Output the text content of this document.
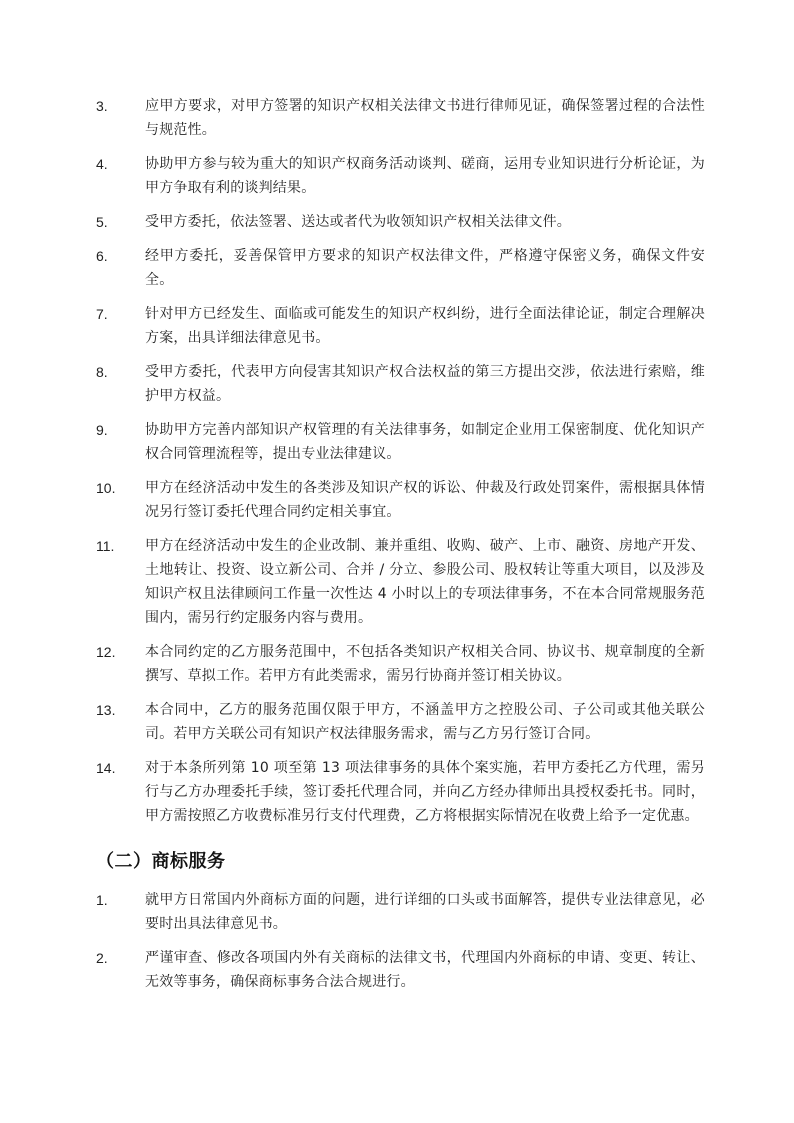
3.	应甲方要求，对甲方签署的知识产权相关法律文书进行律师见证，确保签署过程的合法性与规范性。
4.	协助甲方参与较为重大的知识产权商务活动谈判、磋商，运用专业知识进行分析论证，为甲方争取有利的谈判结果。
5.	受甲方委托，依法签署、送达或者代为收领知识产权相关法律文件。
6.	经甲方委托，妥善保管甲方要求的知识产权法律文件，严格遵守保密义务，确保文件安全。
7.	针对甲方已经发生、面临或可能发生的知识产权纠纷，进行全面法律论证，制定合理解决方案，出具详细法律意见书。
8.	受甲方委托，代表甲方向侵害其知识产权合法权益的第三方提出交涉，依法进行索赔，维护甲方权益。
9.	协助甲方完善内部知识产权管理的有关法律事务，如制定企业用工保密制度、优化知识产权合同管理流程等，提出专业法律建议。
10. 甲方在经济活动中发生的各类涉及知识产权的诉讼、仲裁及行政处罚案件，需根据具体情况另行签订委托代理合同约定相关事宜。
11. 甲方在经济活动中发生的企业改制、兼并重组、收购、破产、上市、融资、房地产开发、土地转让、投资、设立新公司、合并 / 分立、参股公司、股权转让等重大项目，以及涉及知识产权且法律顾问工作量一次性达 4 小时以上的专项法律事务，不在本合同常规服务范围内，需另行约定服务内容与费用。
12. 本合同约定的乙方服务范围中，不包括各类知识产权相关合同、协议书、规章制度的全新撰写、草拟工作。若甲方有此类需求，需另行协商并签订相关协议。
13. 本合同中，乙方的服务范围仅限于甲方，不涵盖甲方之控股公司、子公司或其他关联公司。若甲方关联公司有知识产权法律服务需求，需与乙方另行签订合同。
14. 对于本条所列第 10 项至第 13 项法律事务的具体个案实施，若甲方委托乙方代理，需另行与乙方办理委托手续，签订委托代理合同，并向乙方经办律师出具授权委托书。同时，甲方需按照乙方收费标准另行支付代理费，乙方将根据实际情况在收费上给予一定优惠。
（二）商标服务
1.	就甲方日常国内外商标方面的问题，进行详细的口头或书面解答，提供专业法律意见，必要时出具法律意见书。
2.	严谨审查、修改各项国内外有关商标的法律文书，代理国内外商标的申请、变更、转让、无效等事务，确保商标事务合法合规进行。
